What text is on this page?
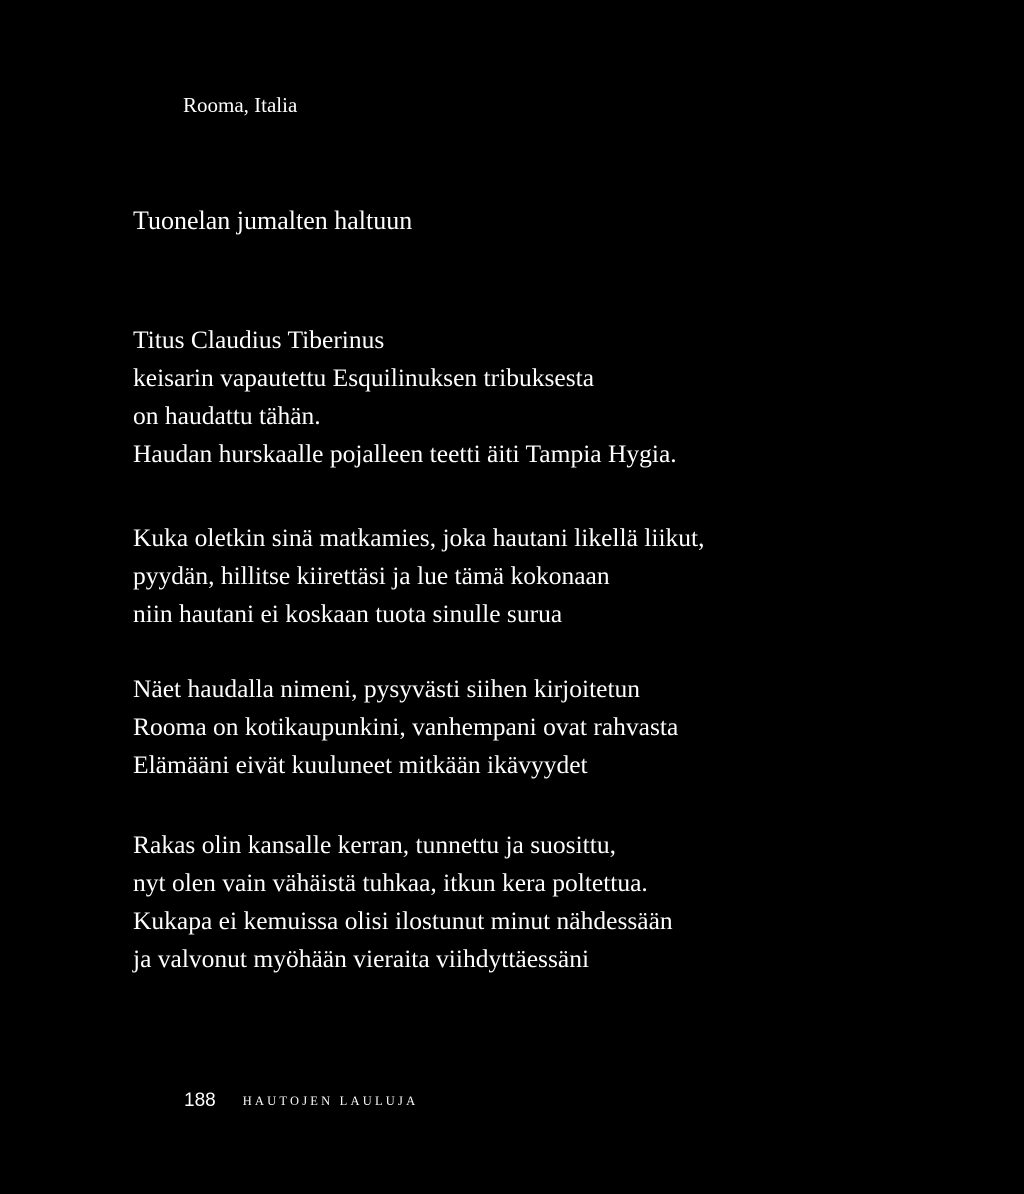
Rooma, Italia
Tuonelan jumalten haltuun
Titus Claudius Tiberinus
keisarin vapautettu Esquilinuksen tribuksesta
on haudattu tähän.
Haudan hurskaalle pojalleen teetti äiti Tampia Hygia.
Kuka oletkin sinä matkamies, joka hautani likellä liikut,
pyydän, hillitse kiirettäsi ja lue tämä kokonaan
niin hautani ei koskaan tuota sinulle surua
Näet haudalla nimeni, pysyvästi siihen kirjoitetun
Rooma on kotikaupunkini, vanhempani ovat rahvasta
Elämääni eivät kuuluneet mitkään ikävyydet
Rakas olin kansalle kerran, tunnettu ja suosittu,
nyt olen vain vähäistä tuhkaa, itkun kera poltettua.
Kukapa ei kemuissa olisi ilostunut minut nähdessään
ja valvonut myöhään vieraita viihdyttäessäni
188 HAUTOJEN LAULUJA
